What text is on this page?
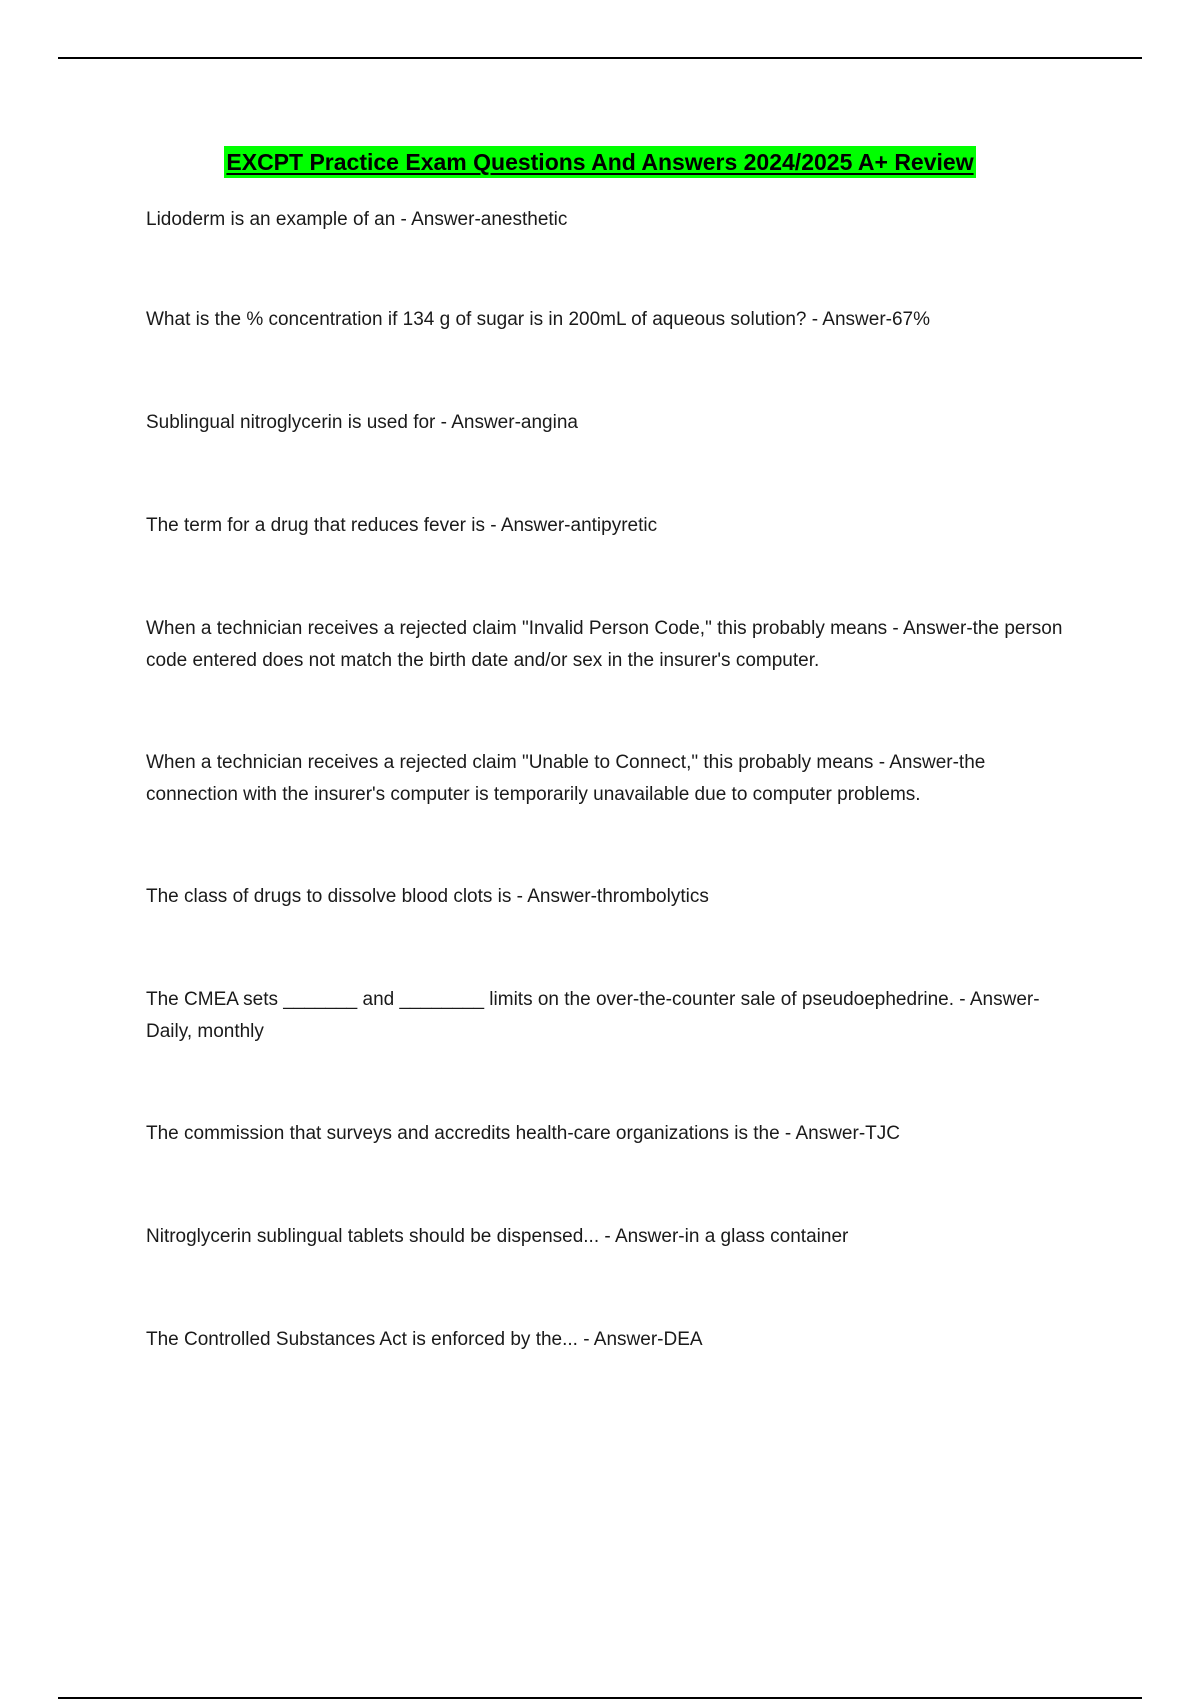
EXCPT Practice Exam Questions And Answers 2024/2025 A+ Review

Lidoderm is an example of an - Answer-anesthetic

What is the % concentration if 134 g of sugar is in 200mL of aqueous solution? - Answer-67%

Sublingual nitroglycerin is used for - Answer-angina

The term for a drug that reduces fever is - Answer-antipyretic

When a technician receives a rejected claim "Invalid Person Code," this probably means - Answer-the person code entered does not match the birth date and/or sex in the insurer's computer.

When a technician receives a rejected claim "Unable to Connect," this probably means - Answer-the connection with the insurer's computer is temporarily unavailable due to computer problems.

The class of drugs to dissolve blood clots is - Answer-thrombolytics

The CMEA sets _______ and ________ limits on the over-the-counter sale of pseudoephedrine. - Answer-Daily, monthly

The commission that surveys and accredits health-care organizations is the - Answer-TJC

Nitroglycerin sublingual tablets should be dispensed... - Answer-in a glass container

The Controlled Substances Act is enforced by the... - Answer-DEA
